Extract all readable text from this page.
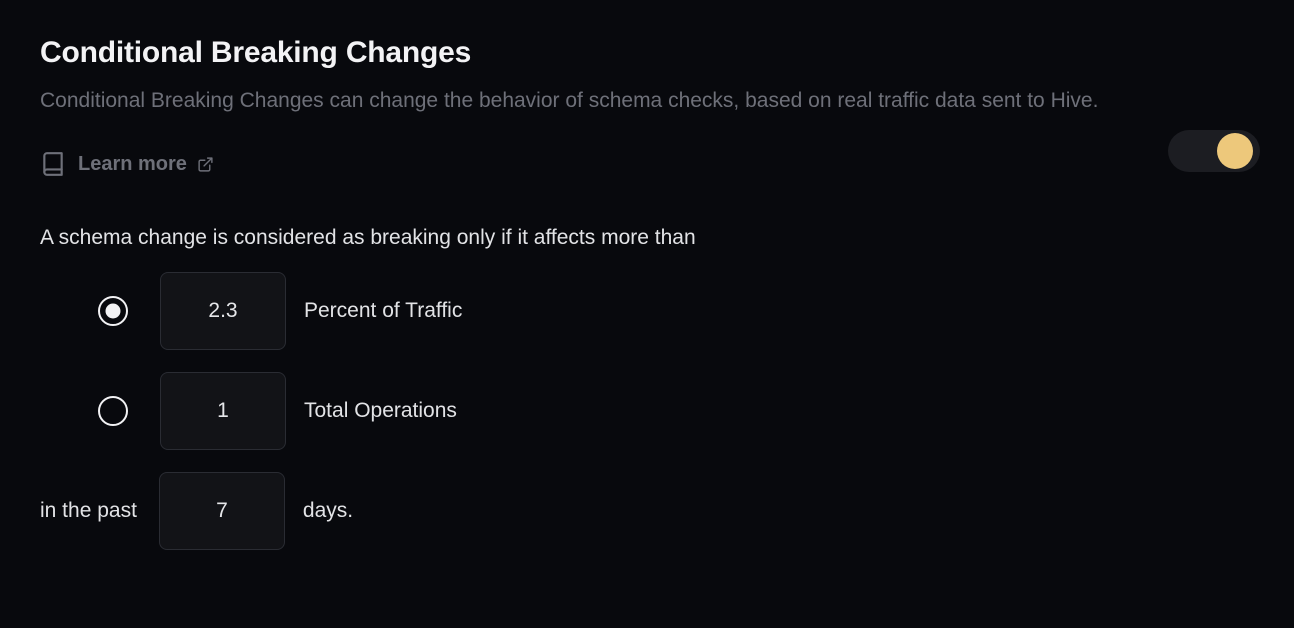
Conditional Breaking Changes

Conditional Breaking Changes can change the behavior of schema checks, based on real traffic data sent to Hive.

Learn more
A schema change is considered as breaking only if it affects more than
2.3
Percent of Traffic
1
Total Operations
in the past
7	days.
